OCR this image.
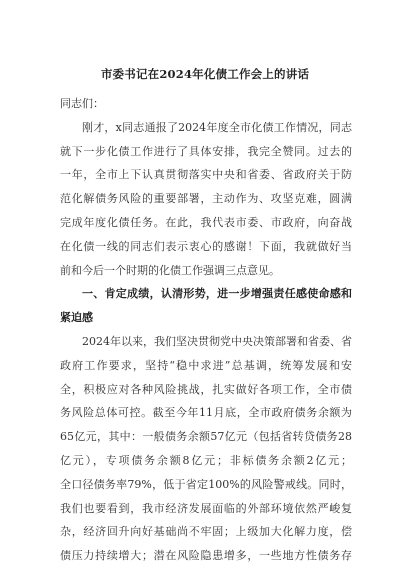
市委书记在2024年化债工作会上的讲话
同志们：
刚才，x同志通报了2024年度全市化债工作情况，同志
就下一步化债工作进行了具体安排，我完全赞同。过去的
一年，全市上下认真贯彻落实中央和省委、省政府关于防
范化解债务风险的重要部署，主动作为、攻坚克难，圆满
完成年度化债任务。在此，我代表市委、市政府，向奋战
在化债一线的同志们表示衷心的感谢！下面，我就做好当
前和今后一个时期的化债工作强调三点意见。
一、肯定成绩，认清形势，进一步增强责任感使命感和
紧迫感
2024年以来，我们坚决贯彻党中央决策部署和省委、省
政府工作要求，坚持“稳中求进”总基调，统筹发展和安
全，积极应对各种风险挑战，扎实做好各项工作，全市债
务风险总体可控。截至今年11月底，全市政府债务余额为
65亿元，其中：一般债务余额57亿元（包括省转贷债务28
亿元），专项债务余额8亿元；非标债务余额2亿元；
全口径债务率79%，低于省定100%的风险警戒线。同时，
我们也要看到，我市经济发展面临的外部环境依然严峻复
杂，经济回升向好基础尚不牢固；上级加大化解力度，偿
债压力持续增大；潜在风险隐患增多，一些地方性债务存
